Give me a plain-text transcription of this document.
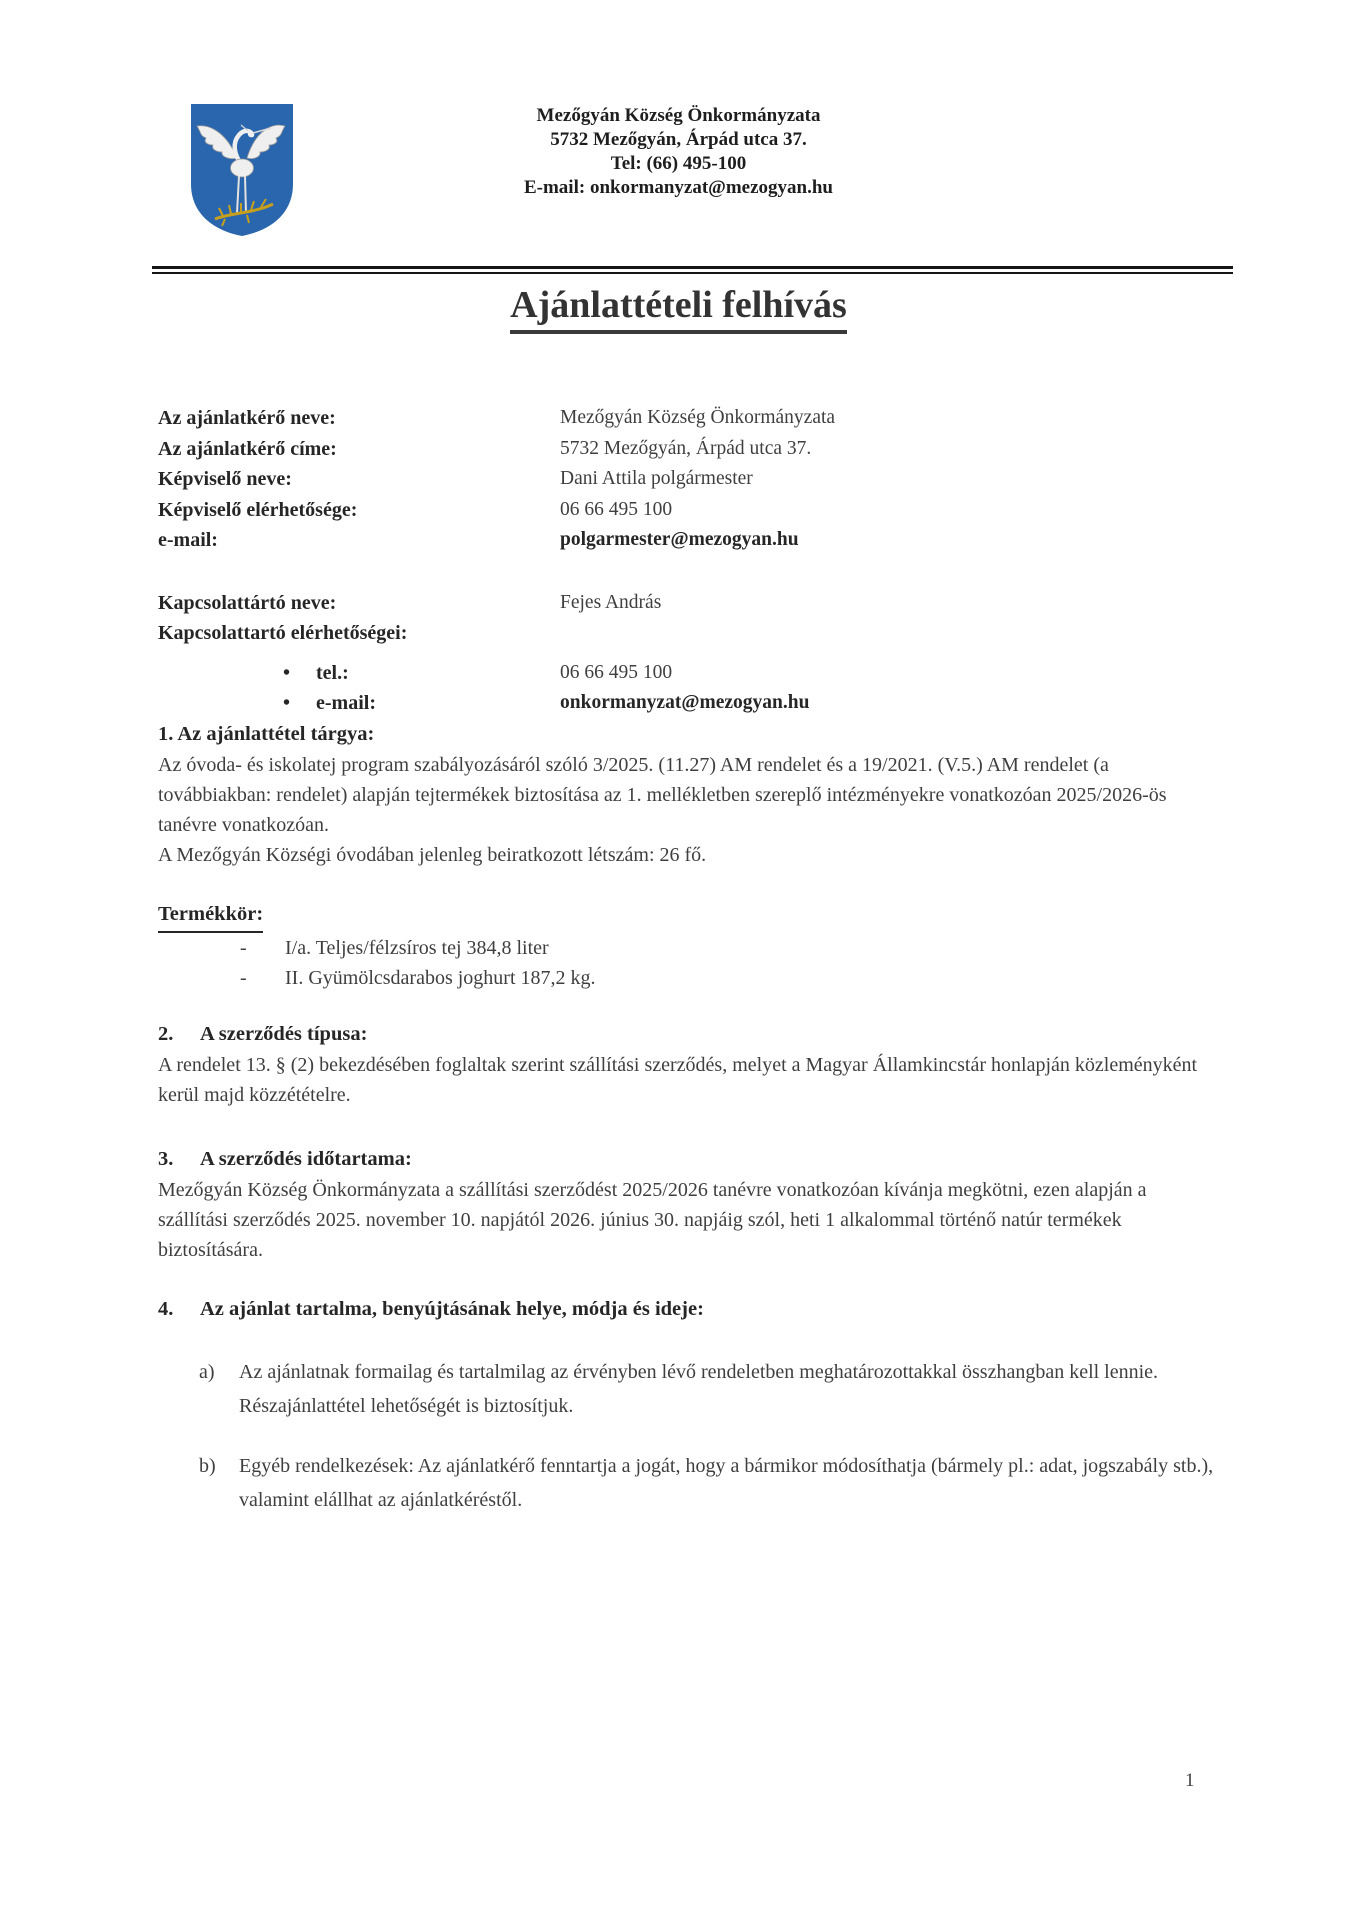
Mezőgyán Község Önkormányzata
5732 Mezőgyán, Árpád utca 37.
Tel: (66) 495-100
E-mail: onkormanyzat@mezogyan.hu
Ajánlattételi felhívás
Az ajánlatkérő neve:	Mezőgyán Község Önkormányzata
Az ajánlatkérő címe:	5732 Mezőgyán, Árpád utca 37.
Képviselő neve:	Dani Attila polgármester
Képviselő elérhetősége:	06 66 495 100
e-mail:	polgarmester@mezogyan.hu
Kapcsolattártó neve:	Fejes András
Kapcsolattartó elérhetőségei:
• tel.:	06 66 495 100
• e-mail:	onkormanyzat@mezogyan.hu
1. Az ajánlattétel tárgya:

Az óvoda- és iskolatej program szabályozásáról szóló 3/2025. (11.27) AM rendelet és a 19/2021. (V.5.) AM rendelet (a továbbiakban: rendelet) alapján tejtermékek biztosítása az 1. mellékletben szereplő intézményekre vonatkozóan 2025/2026-ös tanévre vonatkozóan.

A Mezőgyán Községi óvodában jelenleg beiratkozott létszám: 26 fő.

Termékkör:
-	I/a. Teljes/félzsíros tej 384,8 liter
-	II. Gyümölcsdarabos joghurt 187,2 kg.
2. A szerződés típusa:

A rendelet 13. § (2) bekezdésében foglaltak szerint szállítási szerződés, melyet a Magyar Államkincstár honlapján közleményként kerül majd közzétételre.

3. A szerződés időtartama:

Mezőgyán Község Önkormányzata a szállítási szerződést 2025/2026 tanévre vonatkozóan kívánja megkötni, ezen alapján a szállítási szerződés 2025. november 10. napjától 2026. június 30. napjáig szól, heti 1 alkalommal történő natúr termékek biztosítására.

4. Az ajánlat tartalma, benyújtásának helye, módja és ideje:
a)	Az ajánlatnak formailag és tartalmilag az érvényben lévő rendeletben meghatározottakkal összhangban kell lennie. Részajánlattétel lehetőségét is biztosítjuk.
b)	Egyéb rendelkezések: Az ajánlatkérő fenntartja a jogát, hogy a bármikor módosíthatja (bármely pl.: adat, jogszabály stb.), valamint elállhat az ajánlatkéréstől.
1
